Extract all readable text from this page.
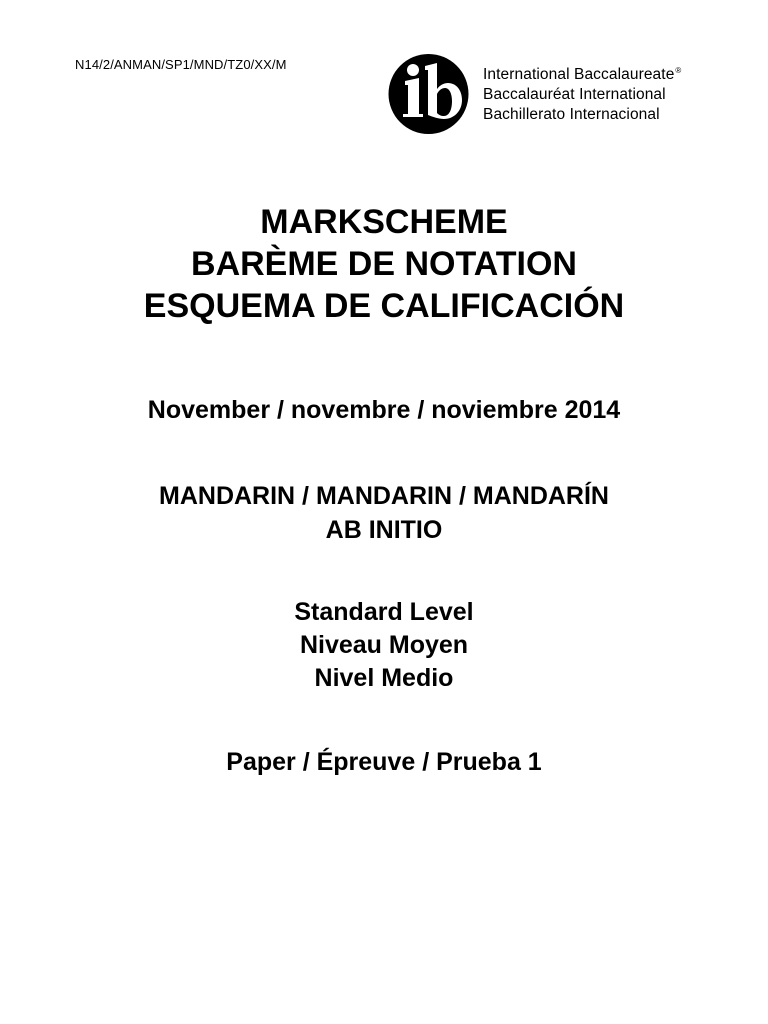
N14/2/ANMAN/SP1/MND/TZ0/XX/M
International Baccalaureate®
Baccalauréat International
Bachillerato Internacional
MARKSCHEME
BARÈME DE NOTATION
ESQUEMA DE CALIFICACIÓN
November / novembre / noviembre 2014
MANDARIN / MANDARIN / MANDARÍN
AB INITIO
Standard Level
Niveau Moyen
Nivel Medio
Paper / Épreuve / Prueba 1
